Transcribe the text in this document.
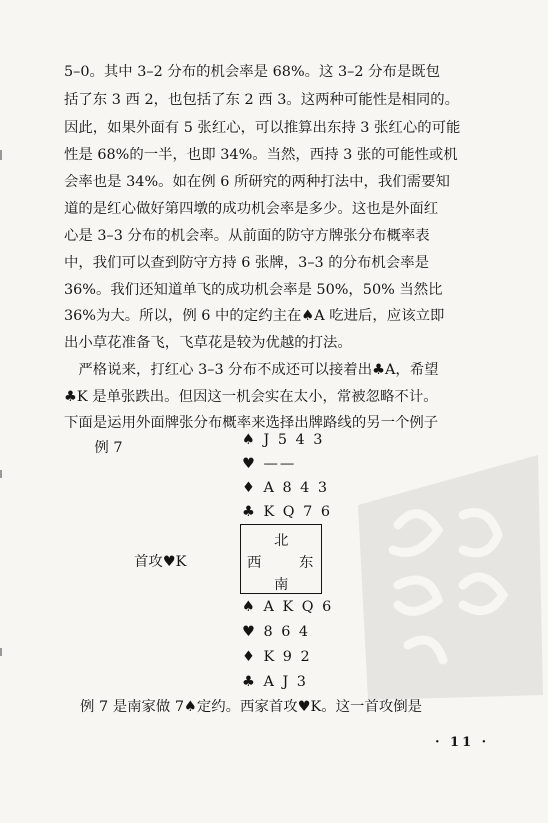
5–0。其中 3–2 分布的机会率是 68%。这 3–2 分布是既包
括了东 3 西 2，也包括了东 2 西 3。这两种可能性是相同的。
因此，如果外面有 5 张红心，可以推算出东持 3 张红心的可能
性是 68%的一半，也即 34%。当然，西持 3 张的可能性或机
会率也是 34%。如在例 6 所研究的两种打法中，我们需要知
道的是红心做好第四墩的成功机会率是多少。这也是外面红
心是 3–3 分布的机会率。从前面的防守方牌张分布概率表
中，我们可以查到防守方持 6 张牌，3–3 的分布机会率是
36%。我们还知道单飞的成功机会率是 50%，50% 当然比
36%为大。所以，例 6 中的定约主在♠A 吃进后，应该立即
出小草花准备飞，飞草花是较为优越的打法。
　严格说来，打红心 3–3 分布不成还可以接着出♣A，希望
♣K 是单张跌出。但因这一机会实在太小，常被忽略不计。
下面是运用外面牌张分布概率来选择出牌路线的另一个例子
　例 7	♠ J 5 4 3
♥ ——
♦ A 8 4 3
♣ K Q 7 6
北
西	东
南
首攻♥K
♠ A K Q 6
♥ 8 6 4
♦ K 9 2
♣ A J 3
例 7 是南家做 7♠定约。西家首攻♥K。这一首攻倒是
· 11 ·
